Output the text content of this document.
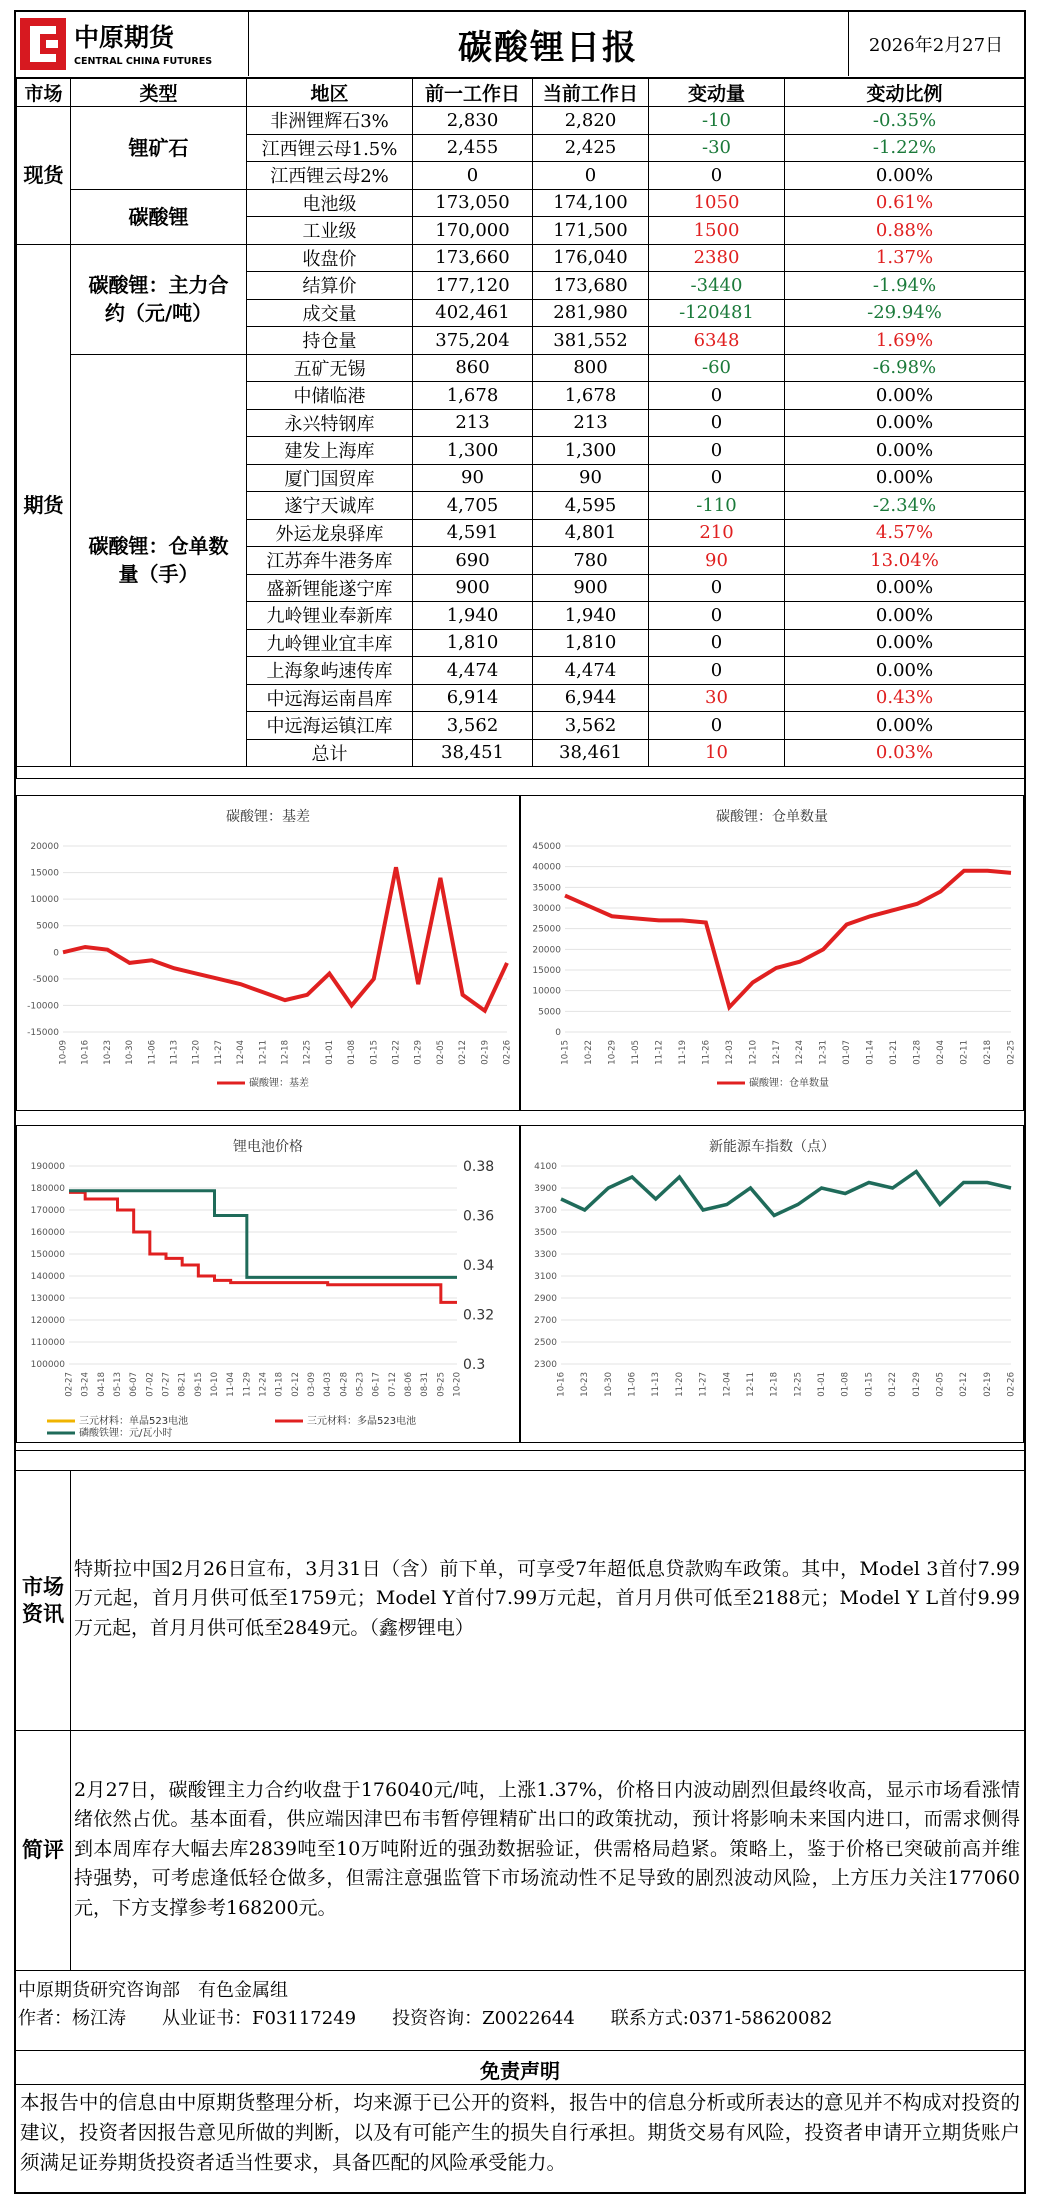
中原期货
CENTRAL CHINA FUTURES	碳酸锂日报	2026年2月27日
市场	类型	地区	前一工作日	当前工作日	变动量	变动比例
现货	锂矿石	非洲锂辉石3%	2,830	2,820	-10	-0.35%
		江西锂云母1.5%	2,455	2,425	-30	-1.22%
		江西锂云母2%	0	0	0	0.00%
	碳酸锂	电池级	173,050	174,100	1050	0.61%
		工业级	170,000	171,500	1500	0.88%
期货	碳酸锂：主力合约（元/吨）	收盘价	173,660	176,040	2380	1.37%
		结算价	177,120	173,680	-3440	-1.94%
		成交量	402,461	281,980	-120481	-29.94%
		持仓量	375,204	381,552	6348	1.69%
	碳酸锂：仓单数量（手）	五矿无锡	860	800	-60	-6.98%
		中储临港	1,678	1,678	0	0.00%
		永兴特钢库	213	213	0	0.00%
		建发上海库	1,300	1,300	0	0.00%
		厦门国贸库	90	90	0	0.00%
		遂宁天诚库	4,705	4,595	-110	-2.34%
		外运龙泉驿库	4,591	4,801	210	4.57%
		江苏奔牛港务库	690	780	90	13.04%
		盛新锂能遂宁库	900	900	0	0.00%
		九岭锂业奉新库	1,940	1,940	0	0.00%
		九岭锂业宜丰库	1,810	1,810	0	0.00%
		上海象屿速传库	4,474	4,474	0	0.00%
		中远海运南昌库	6,914	6,944	30	0.43%
		中远海运镇江库	3,562	3,562	0	0.00%
		总计	38,451	38,461	10	0.03%

碳酸锂：基差
20000
15000
10000
5000
0
-5000
-10000
-15000
10-09 10-16 10-23 10-30 11-06 11-13 11-20 11-27 12-04 12-11 12-18 12-25 01-01 01-08 01-15 01-22 01-29 02-05 02-12 02-19 02-26
碳酸锂：基差
碳酸锂：仓单数量
45000
40000
35000
30000
25000
20000
15000
10000
5000
0
10-15 10-22 10-29 11-05 11-12 11-19 11-26 12-03 12-10 12-17 12-24 12-31 01-07 01-14 01-21 01-28 02-04 02-11 02-18 02-25
碳酸锂：仓单数量
锂电池价格
190000
180000
170000
160000
150000
140000
130000
120000
110000
100000
02-27 03-24 04-18 05-13 06-07 07-02 07-27 08-21 09-15 10-10 11-04 11-29 12-24 01-18 02-12 03-09 04-03 04-28 05-23 06-17 07-12 08-06 08-31 09-25 10-20
0.38
0.36
0.34
0.32
0.3
三元材料：单晶523电池
磷酸铁锂：元/瓦小时
三元材料：多晶523电池
新能源车指数（点）
4100
3900
3700
3500
3300
3100
2900
2700
2500
2300
10-16 10-23 10-30 11-06 11-13 11-20 11-27 12-04 12-11 12-18 12-25 01-01 01-08 01-15 01-22 01-29 02-05 02-12 02-19 02-26
市场资讯
特斯拉中国2月26日宣布，3月31日（含）前下单，可享受7年超低息贷款购车政策。其中，Model 3首付7.99万元起，首月月供可低至1759元；Model Y首付7.99万元起，首月月供可低至2188元；Model Y L首付9.99万元起，首月月供可低至2849元。（鑫椤锂电）
简评
2月27日，碳酸锂主力合约收盘于176040元/吨，上涨1.37%，价格日内波动剧烈但最终收高，显示市场看涨情绪依然占优。基本面看，供应端因津巴布韦暂停锂精矿出口的政策扰动，预计将影响未来国内进口，而需求侧得到本周库存大幅去库2839吨至10万吨附近的强劲数据验证，供需格局趋紧。策略上，鉴于价格已突破前高并维持强势，可考虑逢低轻仓做多，但需注意强监管下市场流动性不足导致的剧烈波动风险，上方压力关注177060元，下方支撑参考168200元。
中原期货研究咨询部　有色金属组
作者：杨江涛　　从业证书：F03117249　　投资咨询：Z0022644　　联系方式:0371-58620082
免责声明
本报告中的信息由中原期货整理分析，均来源于已公开的资料，报告中的信息分析或所表达的意见并不构成对投资的建议，投资者因报告意见所做的判断，以及有可能产生的损失自行承担。期货交易有风险，投资者申请开立期货账户须满足证券期货投资者适当性要求，具备匹配的风险承受能力。
